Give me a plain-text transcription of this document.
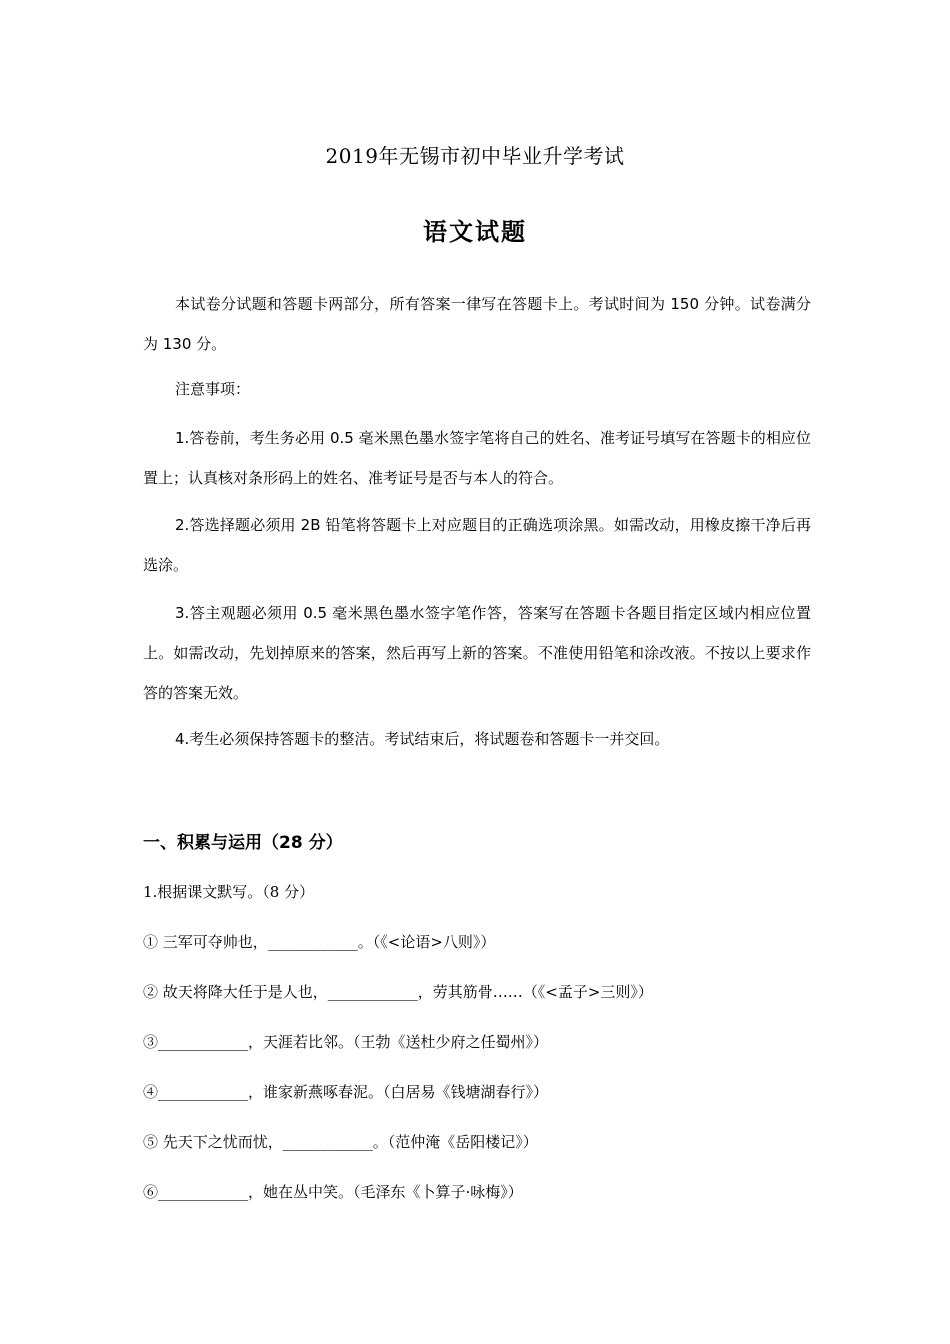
2019年无锡市初中毕业升学考试
语文试题
本试卷分试题和答题卡两部分，所有答案一律写在答题卡上。考试时间为 150 分钟。试卷满分为 130 分。
注意事项：
1.答卷前，考生务必用 0.5 毫米黑色墨水签字笔将自己的姓名、准考证号填写在答题卡的相应位置上；认真核对条形码上的姓名、准考证号是否与本人的符合。
2.答选择题必须用 2B 铅笔将答题卡上对应题目的正确选项涂黑。如需改动，用橡皮擦干净后再选涂。
3.答主观题必须用 0.5 毫米黑色墨水签字笔作答，答案写在答题卡各题目指定区域内相应位置上。如需改动，先划掉原来的答案，然后再写上新的答案。不准使用铅笔和涂改液。不按以上要求作答的答案无效。
4.考生必须保持答题卡的整洁。考试结束后，将试题卷和答题卡一并交回。
一、积累与运用（28 分）
1.根据课文默写。（8 分）
① 三军可夺帅也，____________。（《<论语>八则》）
② 故天将降大任于是人也，____________，劳其筋骨……（《<孟子>三则》）
③____________，天涯若比邻。（王勃《送杜少府之任蜀州》）
④____________，谁家新燕啄春泥。（白居易《钱塘湖春行》）
⑤ 先天下之忧而忧，____________。（范仲淹《岳阳楼记》）
⑥____________，她在丛中笑。（毛泽东《卜算子·咏梅》）
